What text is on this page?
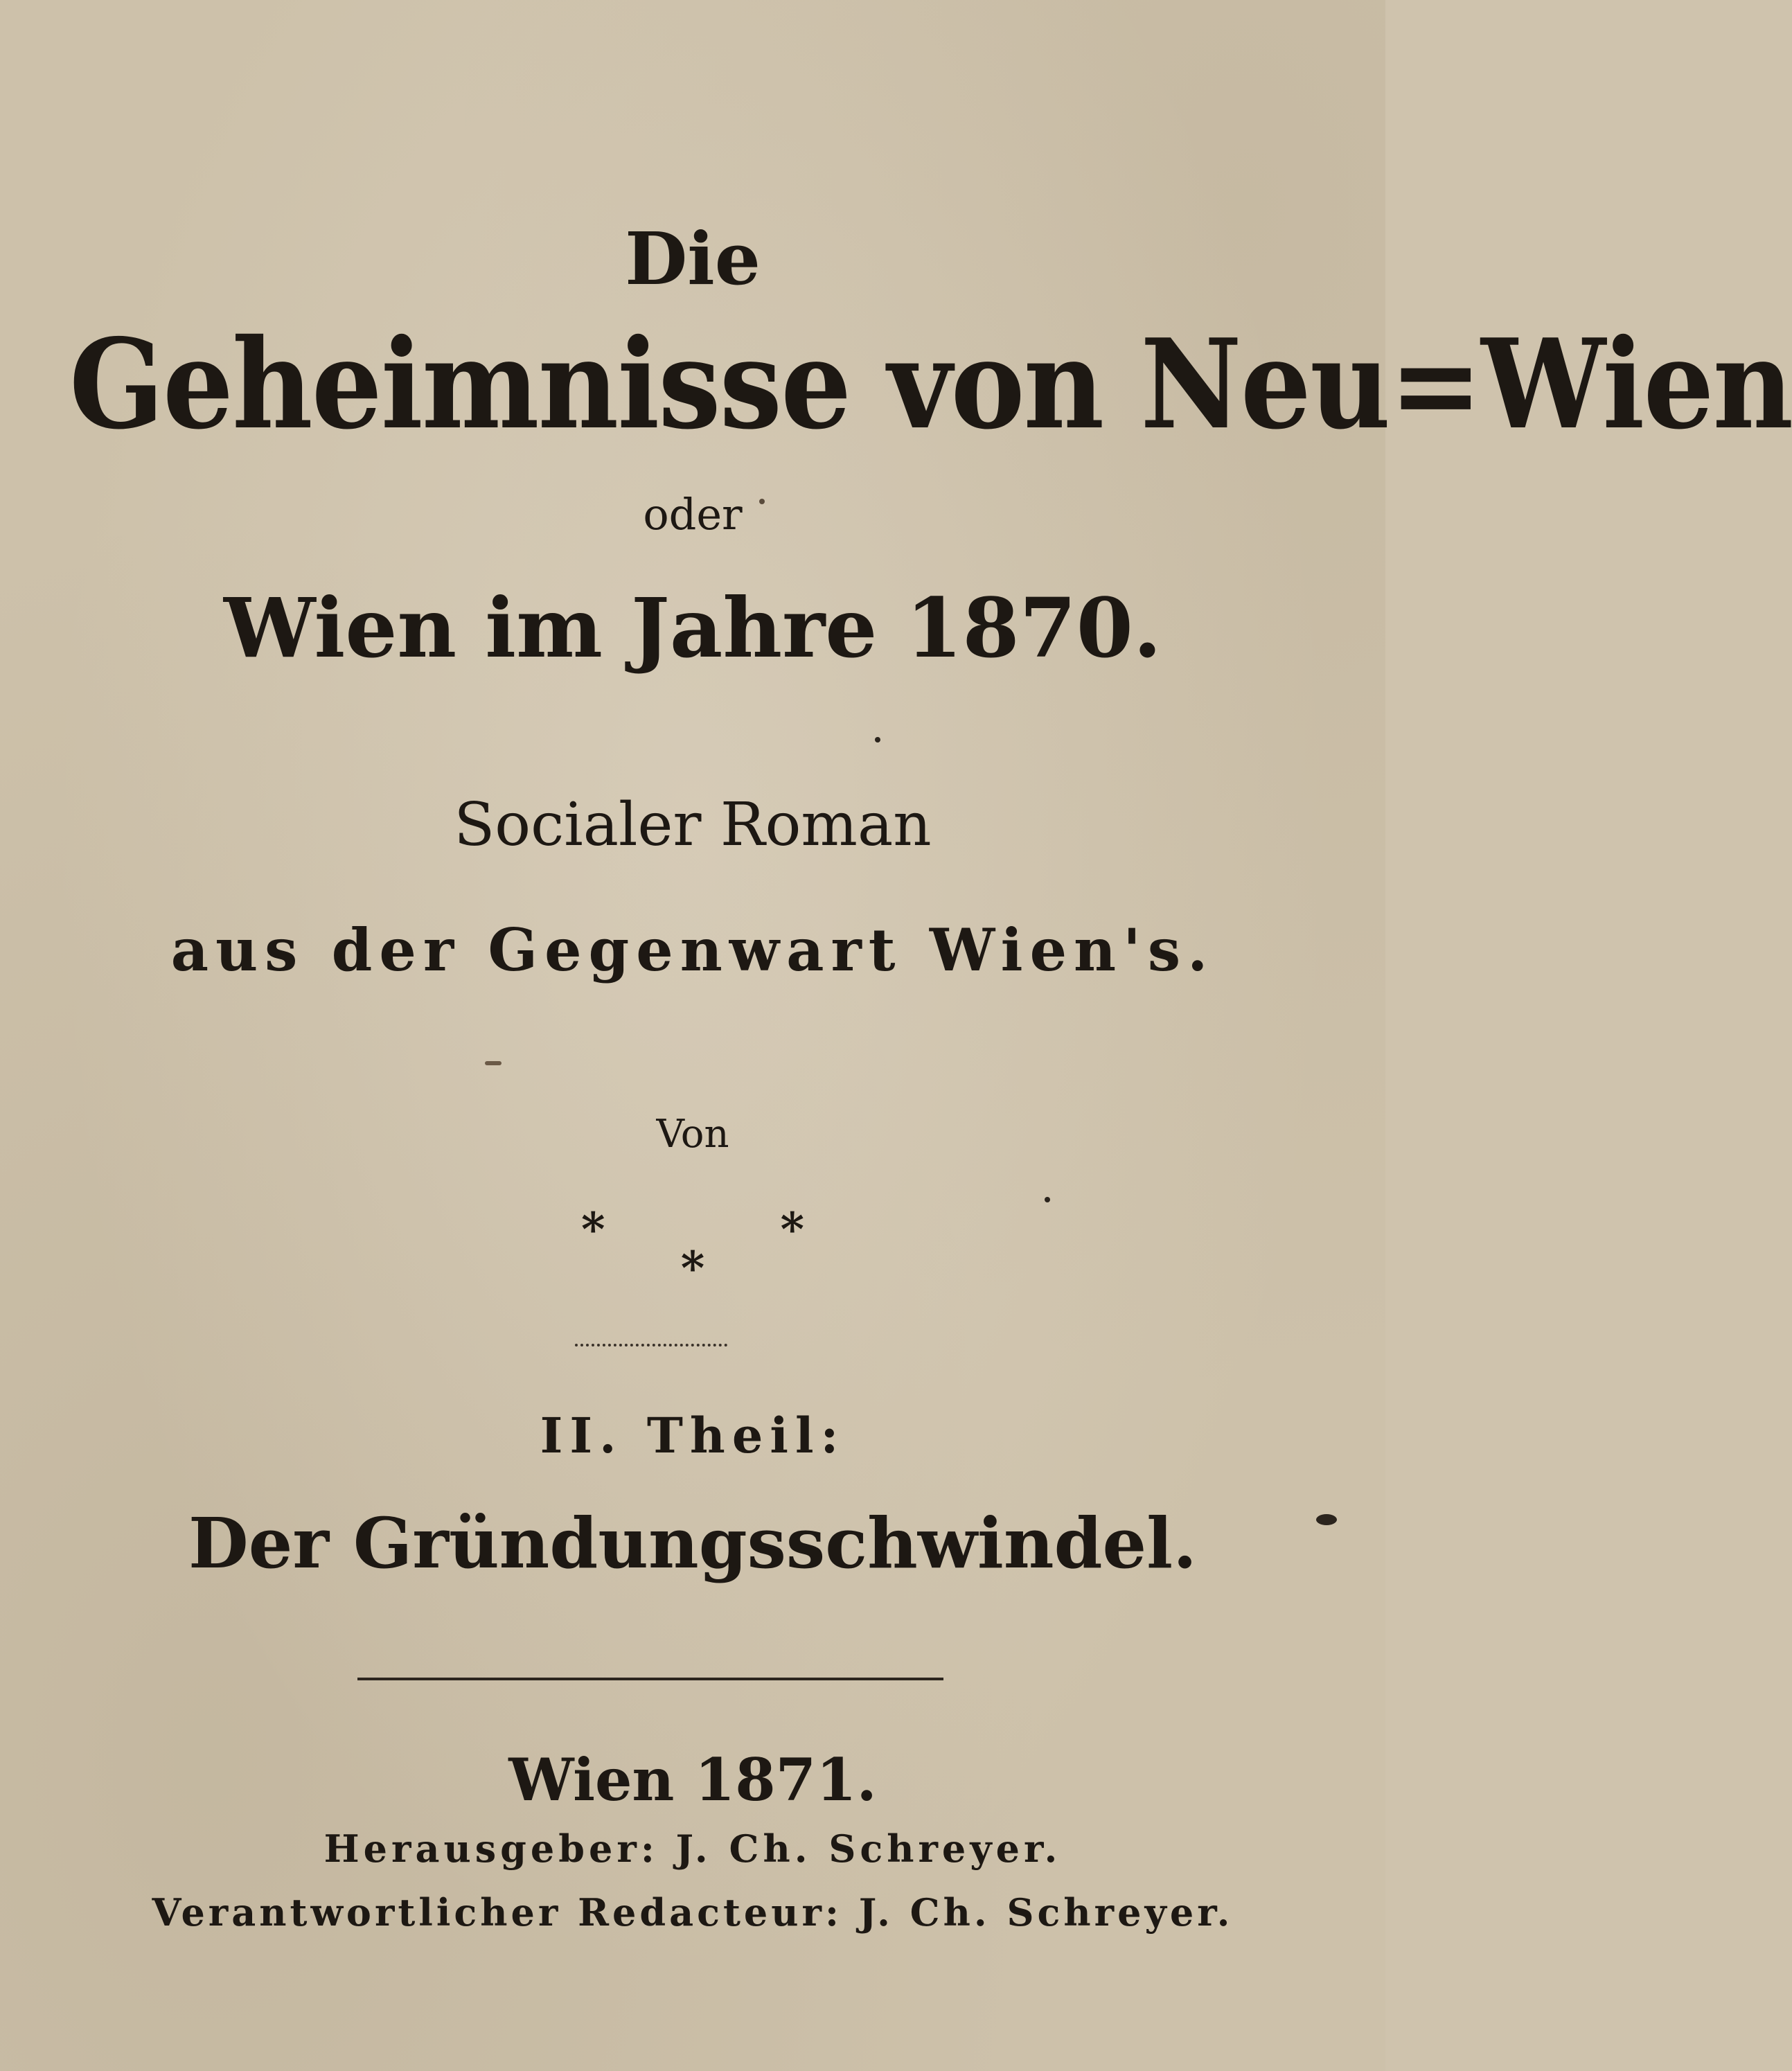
Die
Geheimnisse von Neu=Wien
oder
Wien im Jahre 1870.
Socialer Roman
aus der Gegenwart Wien's.
Von
* *
*
II. Theil:
Der Gründungsschwindel.
Wien 1871.
Herausgeber: J. Ch. Schreyer.
Verantwortlicher Redacteur: J. Ch. Schreyer.
